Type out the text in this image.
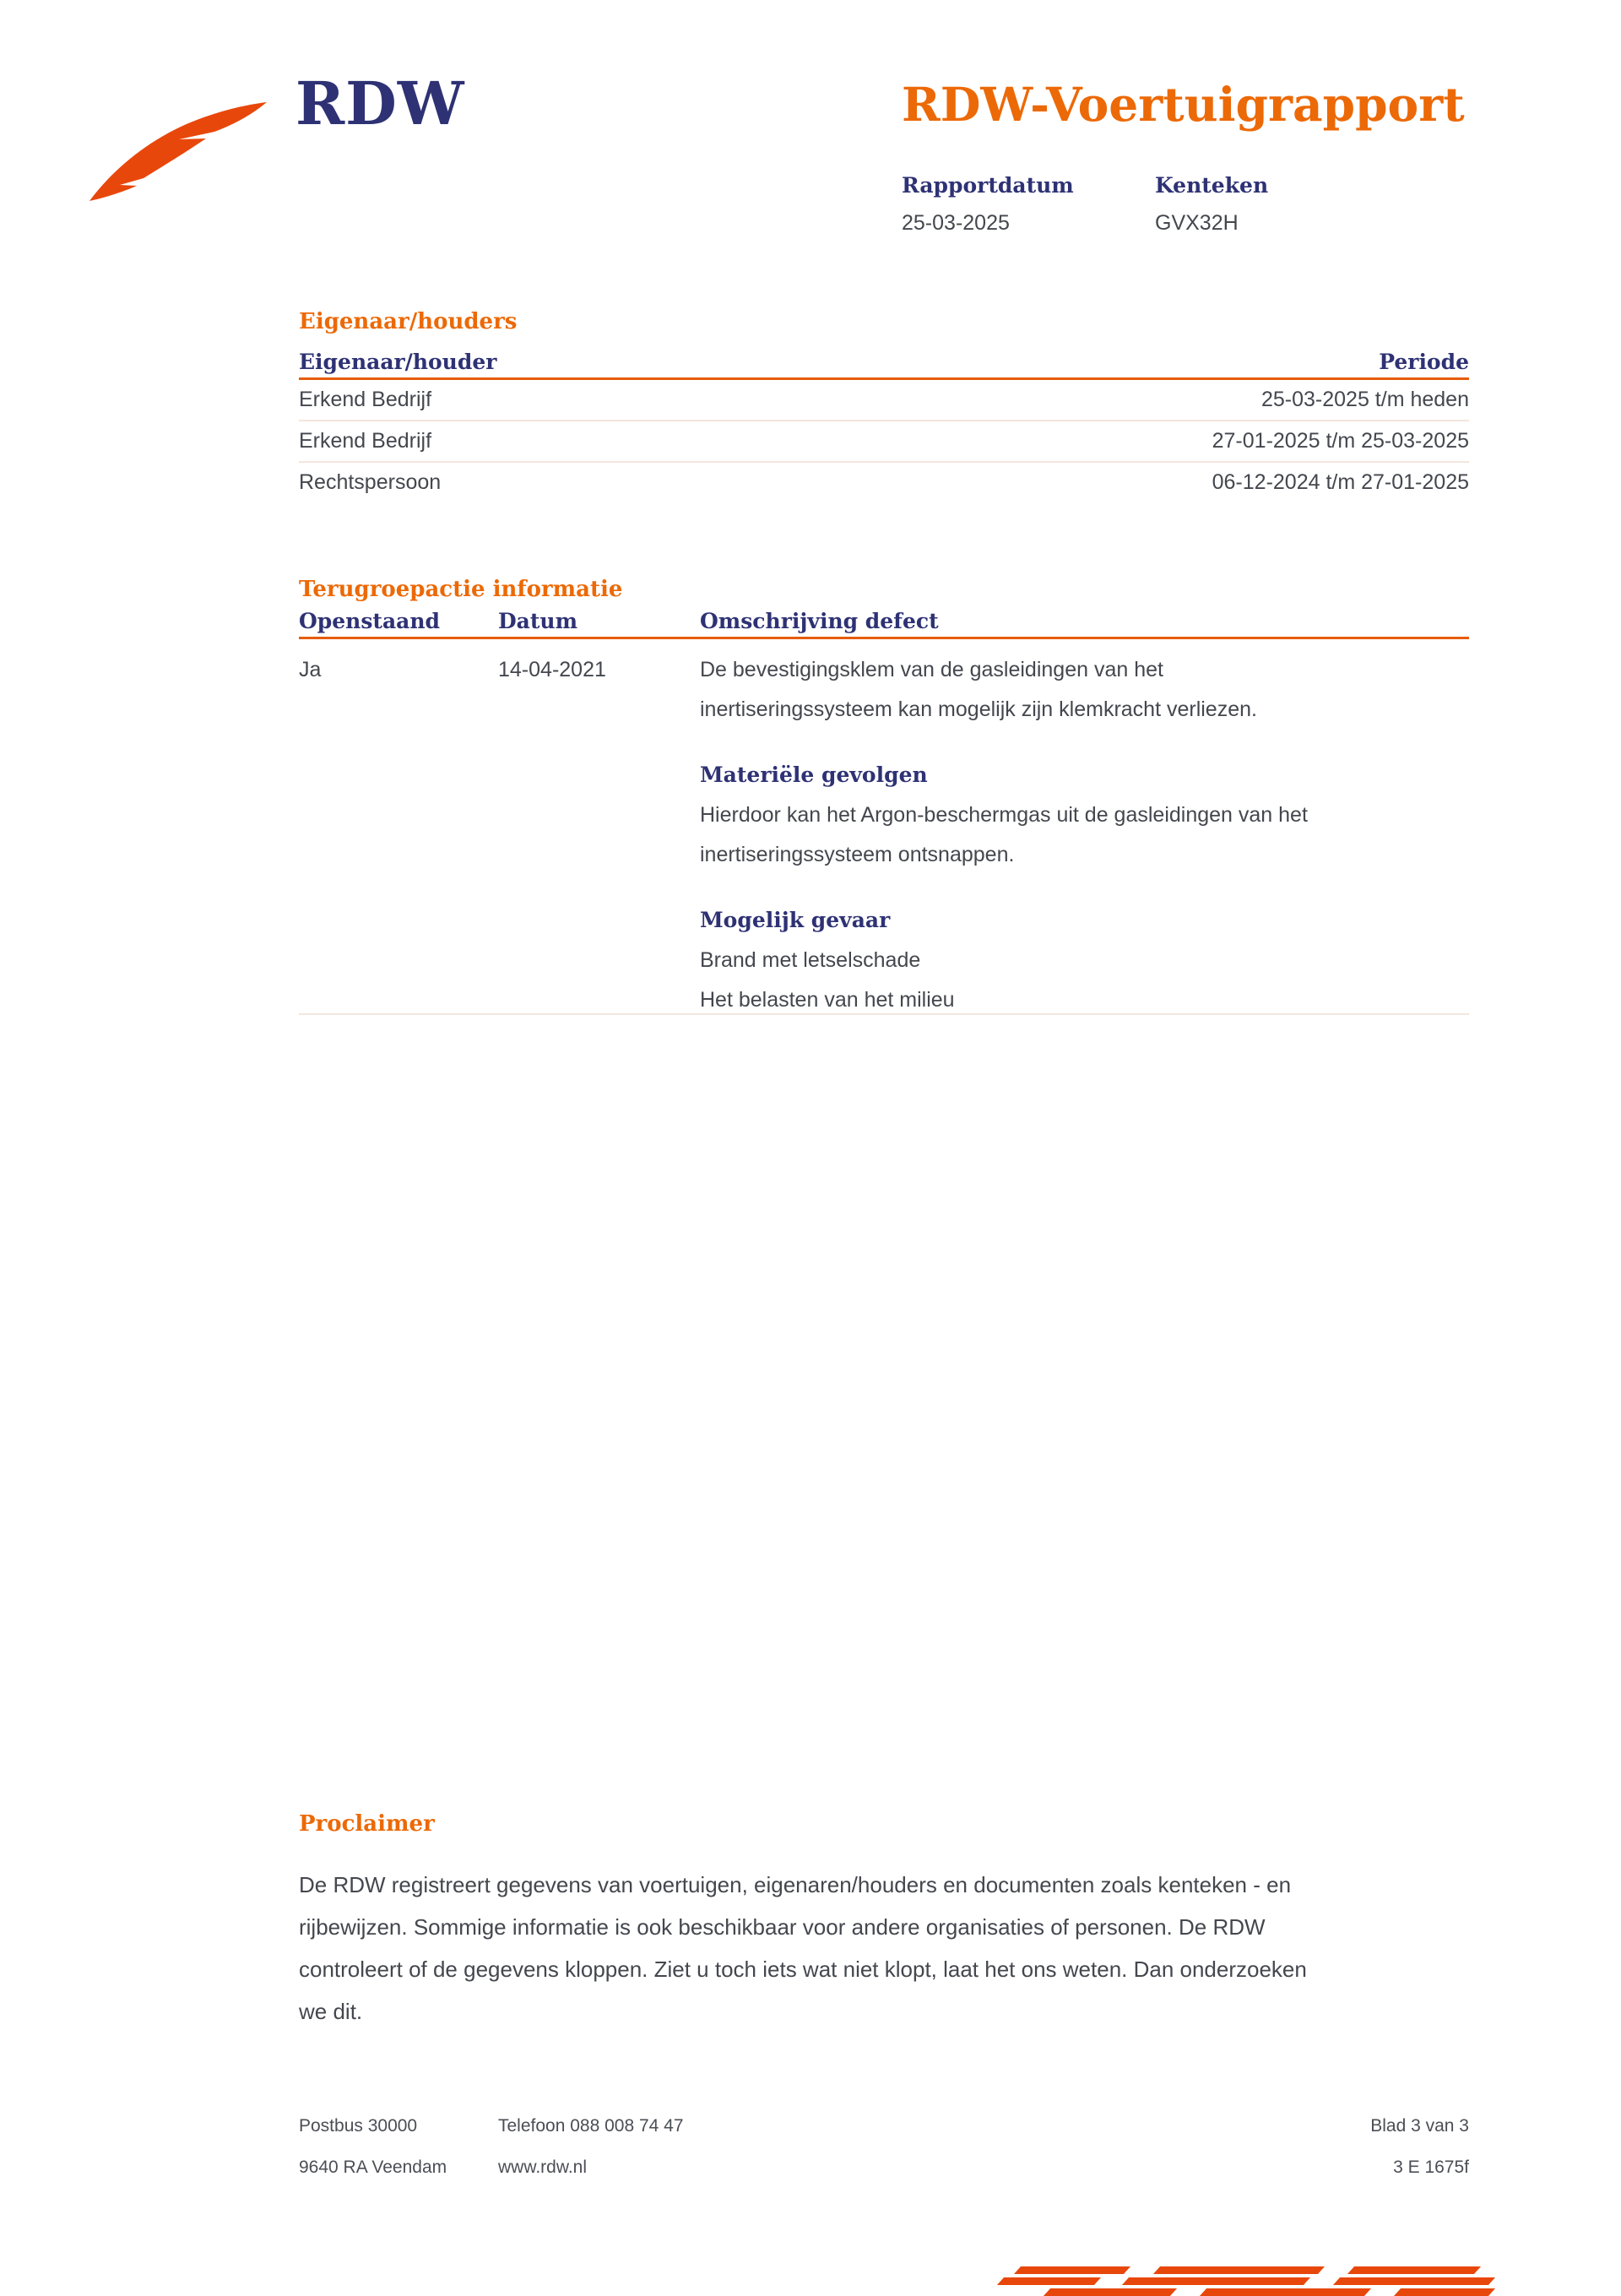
RDW	RDW-Voertuigrapport
Rapportdatum
25-03-2025
Kenteken
GVX32H
Eigenaar/houders
Eigenaar/houder	Periode
Erkend Bedrijf	25-03-2025 t/m heden
Erkend Bedrijf	27-01-2025 t/m 25-03-2025
Rechtspersoon	06-12-2024 t/m 27-01-2025
Terugroepactie informatie
Openstaand	Datum	Omschrijving defect
Ja	14-04-2021	De bevestigingsklem van de gasleidingen van het
inertiseringssysteem kan mogelijk zijn klemkracht verliezen.
Materiële gevolgen
Hierdoor kan het Argon-beschermgas uit de gasleidingen van het
inertiseringssysteem ontsnappen.
Mogelijk gevaar
Brand met letselschade
Het belasten van het milieu
Proclaimer
De RDW registreert gegevens van voertuigen, eigenaren/houders en documenten zoals kenteken - en
rijbewijzen. Sommige informatie is ook beschikbaar voor andere organisaties of personen. De RDW
controleert of de gegevens kloppen. Ziet u toch iets wat niet klopt, laat het ons weten. Dan onderzoeken
we dit.
Postbus 30000
9640 RA Veendam
Telefoon 088 008 74 47
www.rdw.nl
Blad 3 van 3
3 E 1675f
